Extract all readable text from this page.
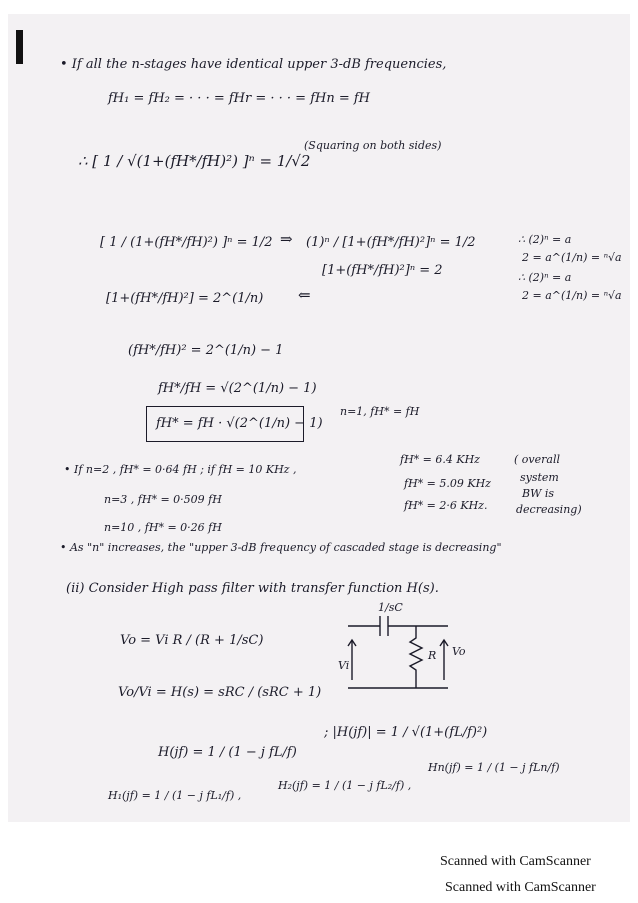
• If all the n-stages have identical upper 3-dB frequencies,
fH₁ = fH₂ = · · · = fHr = · · · = fHn = fH
∴ [ 1 / √(1+(fH*/fH)²) ]ⁿ = 1/√2
(Squaring on both sides)
[ 1 / (1+(fH*/fH)²) ]ⁿ = 1/2 ⇒ (1)ⁿ / [1+(fH*/fH)²]ⁿ = 1/2
[1+(fH*/fH)²] = 2^(1/n) ⇐
[1+(fH*/fH)²]ⁿ = 2
∴ (2)ⁿ = a
2 = a^(1/n) = ⁿ√a
∴ (2)ⁿ = a
2 = a^(1/n) = ⁿ√a
(fH*/fH)² = 2^(1/n) − 1
fH*/fH = √(2^(1/n) − 1)
fH* = fH · √(2^(1/n) − 1)
n=1, fH* = fH
• If n=2 , fH* = 0·64 fH ; if fH = 10 KHz ,
fH* = 6.4 KHz	( overall
n=3 , fH* = 0·509 fH
fH* = 5.09 KHz	system
BW is
n=10 , fH* = 0·26 fH
fH* = 2·6 KHz.	decreasing)
• As "n" increases, the "upper 3-dB frequency of cascaded stage is decreasing"
(ii) Consider High pass filter with transfer function H(s).
Vo = Vi R / (R + 1/sC)
Vo/Vi = H(s) = sRC / (sRC + 1)
1/sC
R
Vi
Vo
H(jf) = 1 / (1 − j fL/f)
; |H(jf)| = 1 / √(1+(fL/f)²)
H₁(jf) = 1 / (1 − j fL₁/f) ,
H₂(jf) = 1 / (1 − j fL₂/f) ,
Hn(jf) = 1 / (1 − j fLn/f)
Scanned with CamScanner
Scanned with CamScanner
